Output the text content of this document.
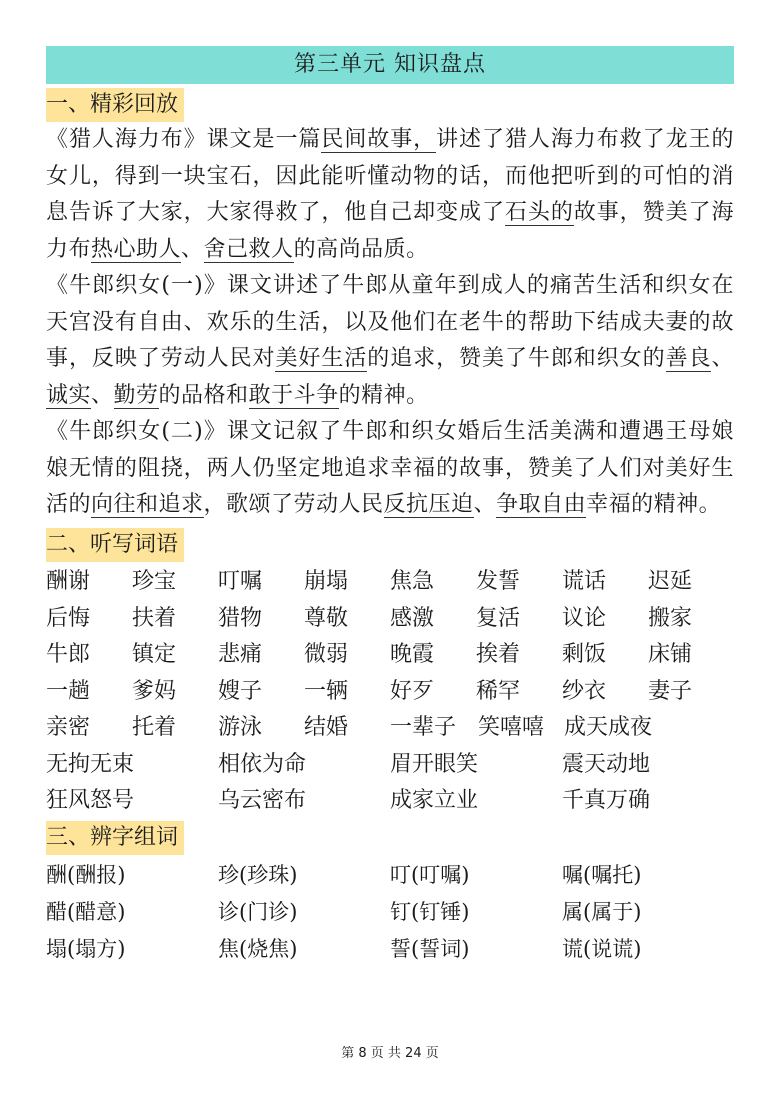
第三单元 知识盘点
一、精彩回放

《猎人海力布》课文是一篇民间故事，讲述了猎人海力布救了龙王的女儿，得到一块宝石，因此能听懂动物的话，而他把听到的可怕的消息告诉了大家，大家得救了，他自己却变成了石头的故事，赞美了海力布热心助人、舍己救人的高尚品质。

《牛郎织女(一)》课文讲述了牛郎从童年到成人的痛苦生活和织女在天宫没有自由、欢乐的生活，以及他们在老牛的帮助下结成夫妻的故事，反映了劳动人民对美好生活的追求，赞美了牛郎和织女的善良、诚实、勤劳的品格和敢于斗争的精神。

《牛郎织女(二)》课文记叙了牛郎和织女婚后生活美满和遭遇王母娘娘无情的阻挠，两人仍坚定地追求幸福的故事，赞美了人们对美好生活的向往和追求，歌颂了劳动人民反抗压迫、争取自由幸福的精神。

二、听写词语
酬谢	珍宝	叮嘱	崩塌	焦急	发誓	谎话	迟延
后悔	扶着	猎物	尊敬	感激	复活	议论	搬家
牛郎	镇定	悲痛	微弱	晚霞	挨着	剩饭	床铺
一趟	爹妈	嫂子	一辆	好歹	稀罕	纱衣	妻子
亲密	托着	游泳	结婚	一辈子 笑嘻嘻 成天成夜
无拘无束	相依为命	眉开眼笑	震天动地
狂风怒号	乌云密布	成家立业	千真万确
三、辨字组词
酬(酬报)	珍(珍珠)	叮(叮嘱)	嘱(嘱托)
醋(醋意)	诊(门诊)	钉(钉锤)	属(属于)
塌(塌方)	焦(烧焦)	誓(誓词)	谎(说谎)
第 8 页 共 24 页
